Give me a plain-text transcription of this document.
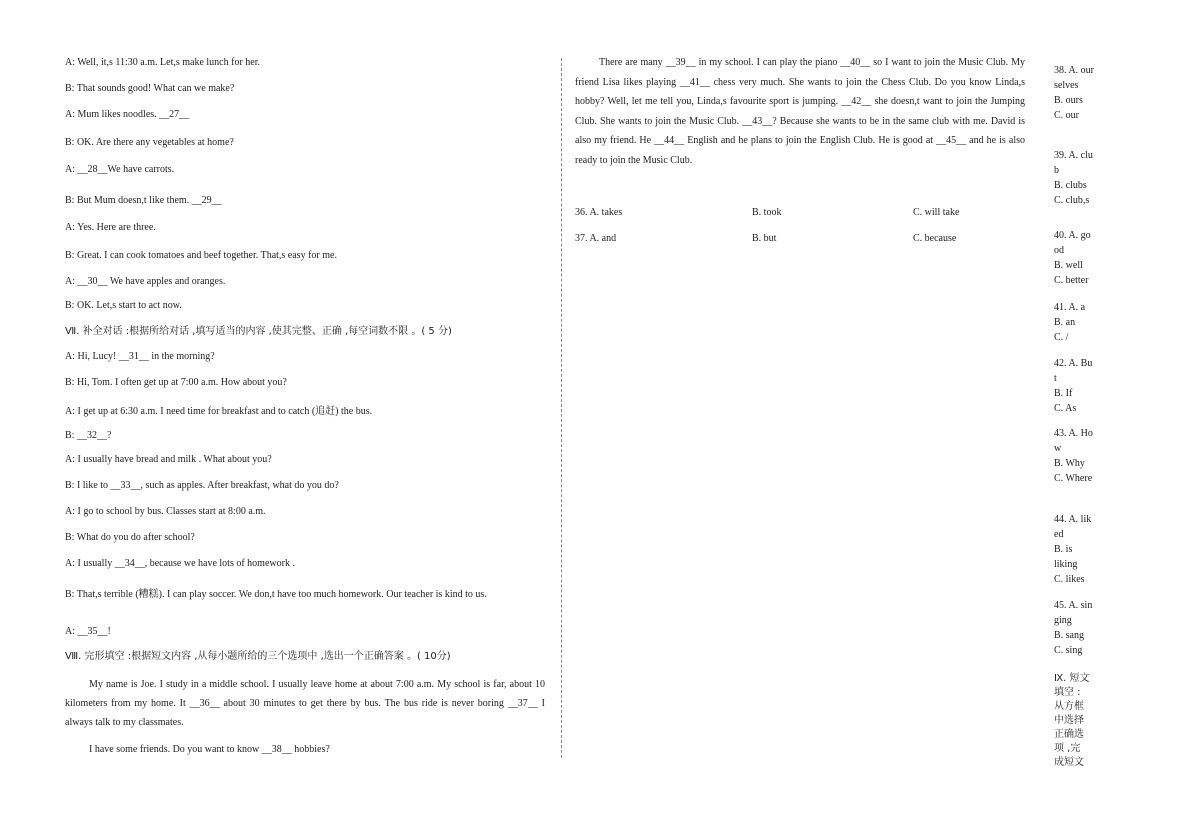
A: Well, it,s 11:30 a.m. Let,s make lunch for her.
B: That sounds good! What can we make?
A: Mum likes noodles. __27__
B: OK. Are there any vegetables at home?
A: __28__We have carrots.
B: But Mum doesn,t like them. __29__
A: Yes. Here are three.
B: Great. I can cook tomatoes and beef together. That,s easy for me.
A: __30__ We have apples and oranges.
B: OK. Let,s start to act now.
Ⅶ. 补全对话 :根据所给对话 ,填写适当的内容 ,使其完整、正确 ,每空词数不限 。( 5 分)
A: Hi, Lucy! __31__ in the morning?
B: Hi, Tom. I often get up at 7:00 a.m. How about you?
A: I get up at 6:30 a.m. I need time for breakfast and to catch (追赶) the bus.
B: __32__?
A: I usually have bread and milk . What about you?
B: I like to __33__, such as apples. After breakfast, what do you do?
A: I go to school by bus. Classes start at 8:00 a.m.
B: What do you do after school?
A: I usually __34__, because we have lots of homework .
B: That,s terrible (糟糕). I can play soccer. We don,t have too much homework. Our teacher is kind to us.
A: __35__!
Ⅷ. 完形填空 :根据短文内容 ,从每小题所给的三个选项中 ,选出一个正确答案 。( 10分)
My name is Joe. I study in a middle school. I usually leave home at about 7:00 a.m. My school is far, about 10 kilometers from my home. It __36__ about 30 minutes to get there by bus. The bus ride is never boring __37__ I always talk to my classmates.
I have some friends. Do you want to know __38__ hobbies?
There are many __39__ in my school. I can play the piano __40__ so I want to join the Music Club. My friend Lisa likes playing __41__ chess very much. She wants to join the Chess Club. Do you know Linda,s hobby? Well, let me tell you, Linda,s favourite sport is jumping. __42__ she doesn,t want to join the Jumping Club. She wants to join the Music Club. __43__? Because she wants to be in the same club with me. David is also my friend. He __44__ English and he plans to join the English Club. He is good at __45__ and he is also ready to join the Music Club.
36. A. takes	B. took	C. will take
37. A. and	B. but	C. because
38. A. ourselves
B. ours
C. our
39. A. club
B. clubs
C. club,s
40. A. good
B. well
C. better
41. A. a
B. an
C. /
42. A. But
B. If
C. As
43. A. How
B. Why
C. Where
44. A. liked
B. is liking
C. likes
45. A. singing
B. sang
C. sing
Ⅸ. 短文填空 :从方框中选择正确选项 ,完成短文
